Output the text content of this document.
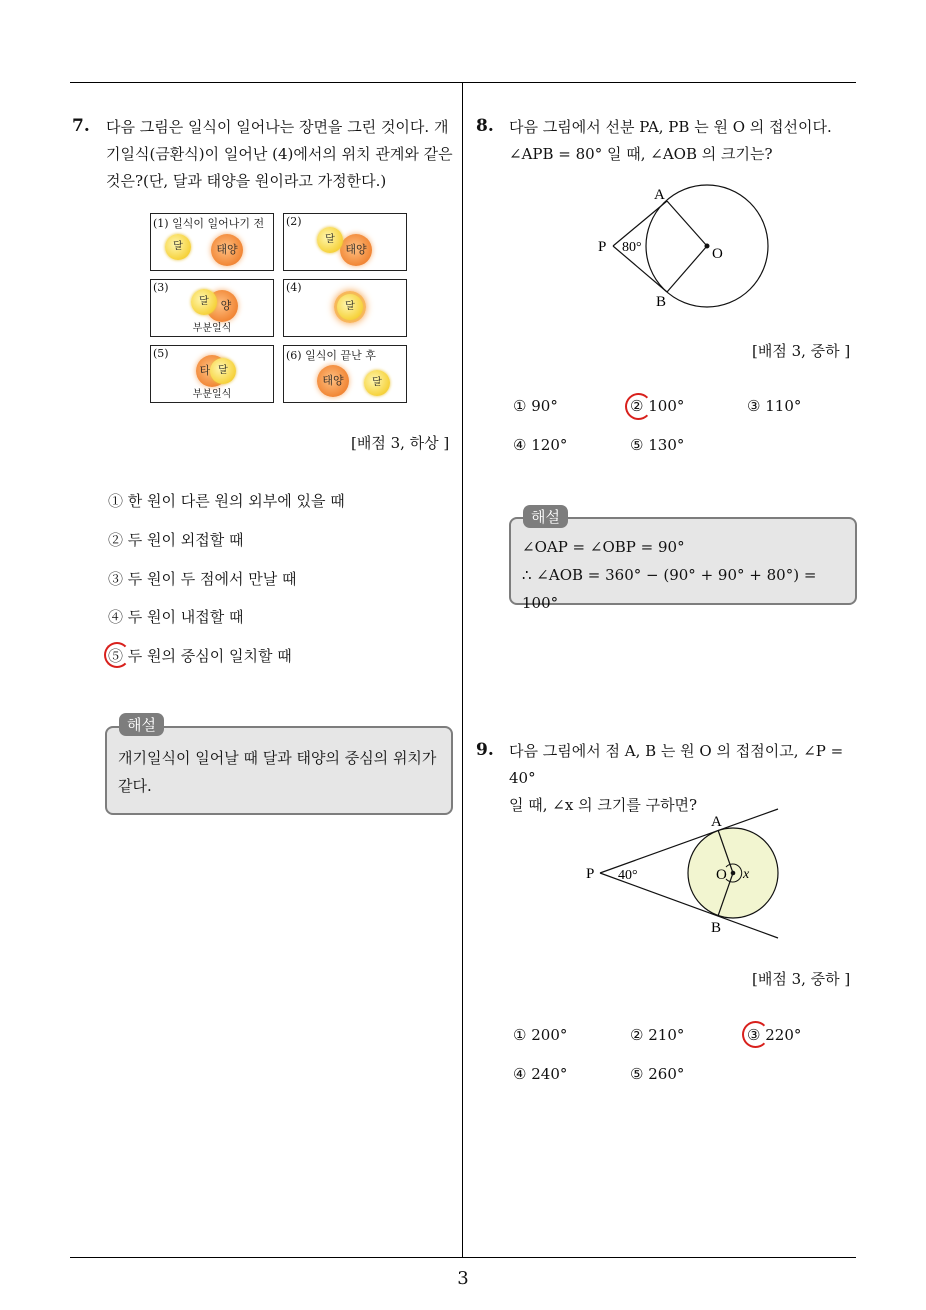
3
7. 다음 그림은 일식이 일어나는 장면을 그린 것이다. 개
기일식(금환식)이 일어난 (4)에서의 위치 관계와 같은
것은?(단, 달과 태양을 원이라고 가정한다.)
(1) 일식이 일어나기 전
달	태양
(2)
태양
달
(3)
양
달
부분일식
(4)
달
(5)
타 달
부분일식
(6) 일식이 끝난 후
태양	달
[배점 3, 하상 ]
① 한 원이 다른 원의 외부에 있을 때
② 두 원이 외접할 때
③ 두 원이 두 점에서 만날 때
④ 두 원이 내접할 때
⑤ 두 원의 중심이 일치할 때
해설
개기일식이 일어날 때 달과 태양의 중심의 위치가
같다.
8. 다음 그림에서 선분 PA, PB 는 원 O 의 접선이다.
∠APB = 80° 일 때, ∠AOB 의 크기는?
A
B
P	O
80°
[배점 3, 중하 ]
① 90°	② 100°	③ 110°
④ 120°	⑤ 130°
해설
∠OAP = ∠OBP = 90°
∴ ∠AOB = 360° − (90° + 90° + 80°) = 100°
9. 다음 그림에서 점 A, B 는 원 O 의 접점이고, ∠P = 40°
일 때, ∠x 의 크기를 구하면?
A
B
P	O x
40°
[배점 3, 중하 ]
① 200°	② 210°	③ 220°
④ 240°	⑤ 260°
